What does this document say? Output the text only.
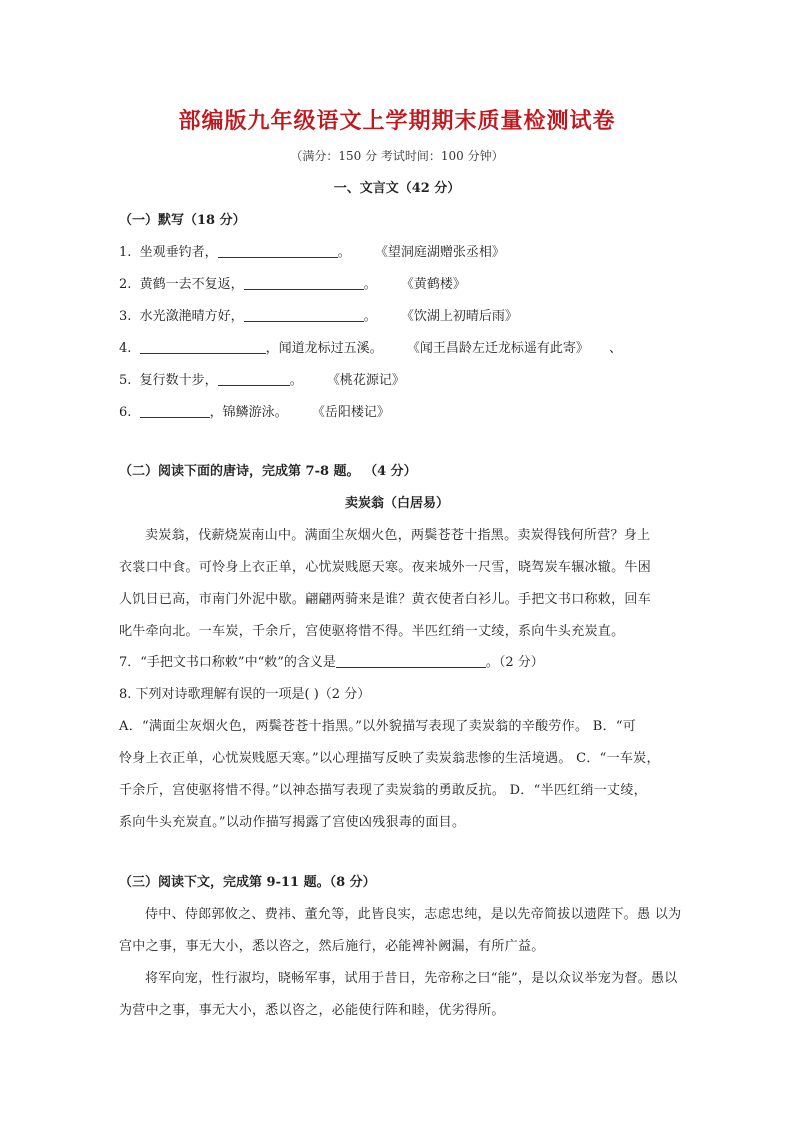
部编版九年级语文上学期期末质量检测试卷
（满分：150 分 考试时间：100 分钟）
一、文言文（42 分）
（一）默写（18 分）
1. 坐观垂钓者，	。 《望洞庭湖赠张丞相》
2. 黄鹤一去不复返，	。 《黄鹤楼》
3. 水光潋滟晴方好，	。 《饮湖上初晴后雨》
4.	，闻道龙标过五溪。 《闻王昌龄左迁龙标遥有此寄》 、
5. 复行数十步，	。 《桃花源记》
6.	，锦鳞游泳。 《岳阳楼记》
（二）阅读下面的唐诗，完成第 7-8 题。 （4 分）
卖炭翁（白居易）
卖炭翁，伐薪烧炭南山中。满面尘灰烟火色，两鬓苍苍十指黑。卖炭得钱何所营？身上
衣裳口中食。可怜身上衣正单，心忧炭贱愿天寒。夜来城外一尺雪，晓驾炭车辗冰辙。牛困
人饥日已高，市南门外泥中歇。翩翩两骑来是谁？黄衣使者白衫儿。手把文书口称敕，回车
叱牛牵向北。一车炭，千余斤，宫使驱将惜不得。半匹红绡一丈绫，系向牛头充炭直。
7．“手把文书口称敕”中“敕”的含义是	。（2 分）
8. 下列对诗歌理解有误的一项是( )（2 分）
A．“满面尘灰烟火色，两鬓苍苍十指黑。”以外貌描写表现了卖炭翁的辛酸劳作。 B．“可
怜身上衣正单，心忧炭贱愿天寒。”以心理描写反映了卖炭翁悲惨的生活境遇。 C．“一车炭，
千余斤，宫使驱将惜不得。”以神态描写表现了卖炭翁的勇敢反抗。 D．“半匹红绡一丈绫，
系向牛头充炭直。”以动作描写揭露了宫使凶残狠毒的面目。
（三）阅读下文，完成第 9-11 题。（8 分）
侍中、侍郎郭攸之、费祎、董允等，此皆良实，志虑忠纯，是以先帝简拔以遗陛下。愚 以为
宫中之事，事无大小，悉以咨之，然后施行，必能裨补阙漏，有所广益。
将军向宠，性行淑均，晓畅军事，试用于昔日，先帝称之曰“能”，是以众议举宠为督。愚以
为营中之事，事无大小，悉以咨之，必能使行阵和睦，优劣得所。
